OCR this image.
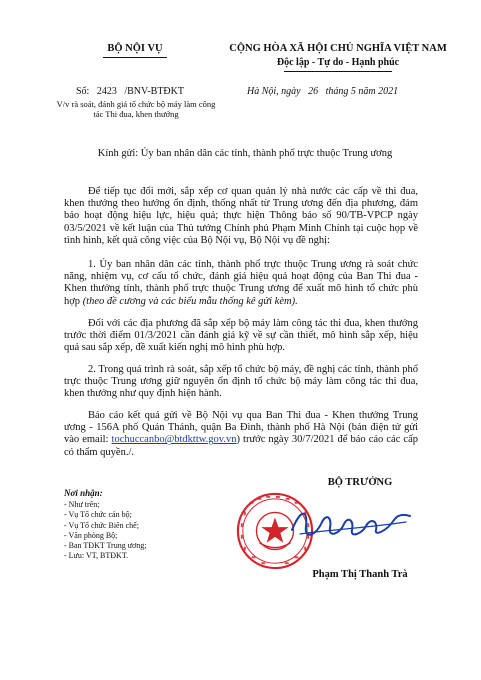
BỘ NỘI VỤ	CỘNG HÒA XÃ HỘI CHỦ NGHĨA VIỆT NAM
Độc lập - Tự do - Hạnh phúc
Số:   2423   /BNV-BTĐKT	Hà Nội, ngày   26   tháng 5 năm 2021
V/v rà soát, đánh giá tổ chức bộ máy làm công tác Thi đua, khen thưởng
Kính gửi: Ủy ban nhân dân các tỉnh, thành phố trực thuộc Trung ương
Để tiếp tục đổi mới, sắp xếp cơ quan quản lý nhà nước các cấp về thi đua, khen thưởng theo hướng ổn định, thống nhất từ Trung ương đến địa phương, đảm bảo hoạt động hiệu lực, hiệu quả; thực hiện Thông báo số 90/TB-VPCP ngày 03/5/2021 về kết luận của Thủ tướng Chính phủ Phạm Minh Chính tại cuộc họp về tình hình, kết quả công việc của Bộ Nội vụ, Bộ Nội vụ đề nghị:
1. Ủy ban nhân dân các tỉnh, thành phố trực thuộc Trung ương rà soát chức năng, nhiệm vụ, cơ cấu tổ chức, đánh giá hiệu quả hoạt động của Ban Thi đua - Khen thưởng tỉnh, thành phố trực thuộc Trung ương để xuất mô hình tổ chức phù hợp (theo đề cương và các biểu mẫu thống kê gửi kèm).
Đối với các địa phương đã sắp xếp bộ máy làm công tác thi đua, khen thưởng trước thời điểm 01/3/2021 cần đánh giá kỹ về sự cần thiết, mô hình sắp xếp, hiệu quả sau sắp xếp, đề xuất kiến nghị mô hình phù hợp.
2. Trong quá trình rà soát, sắp xếp tổ chức bộ máy, đề nghị các tỉnh, thành phố trực thuộc Trung ương giữ nguyên ổn định tổ chức bộ máy làm công tác thi đua, khen thưởng như quy định hiện hành.
Báo cáo kết quả gửi về Bộ Nội vụ qua Ban Thi đua - Khen thưởng Trung ương - 156A phố Quán Thánh, quận Ba Đình, thành phố Hà Nội (bản điện tử gửi vào email: tochuccanbo@btdkttw.gov.vn) trước ngày 30/7/2021 để báo cáo các cấp có thẩm quyền./.
Nơi nhận:
- Như trên;
- Vụ Tổ chức cán bộ;
- Vụ Tổ chức Biên chế;
- Văn phòng Bộ;
- Ban TĐKT Trung ương;
- Lưu: VT, BTĐKT.
BỘ TRƯỞNG
Phạm Thị Thanh Trà
